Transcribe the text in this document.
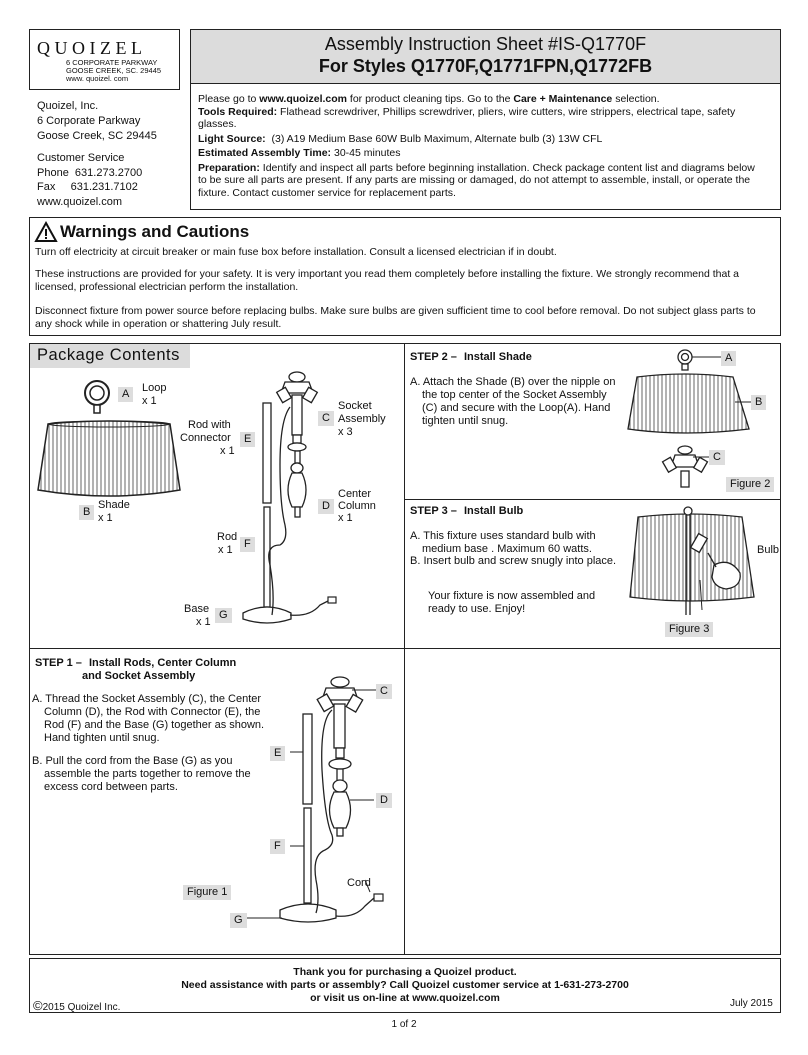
QUOIZEL
6 CORPORATE PARKWAY
GOOSE CREEK, SC. 29445
www. quoizel. com
Quoizel, Inc.
6 Corporate Parkway
Goose Creek, SC 29445
Customer Service
Phone  631.273.2700
Fax     631.231.7102
www.quoizel.com
Assembly Instruction Sheet #IS-Q1770F
For Styles Q1770F,Q1771FPN,Q1772FB
Please go to www.quoizel.com for product cleaning tips. Go to the Care + Maintenance selection.
Tools Required: Flathead screwdriver, Phillips screwdriver, pliers, wire cutters, wire strippers, electrical tape, safety glasses.
Light Source:  (3) A19 Medium Base 60W Bulb Maximum, Alternate bulb (3) 13W CFL
Estimated Assembly Time: 30-45 minutes
Preparation: Identify and inspect all parts before beginning installation. Check package content list and diagrams below to be sure all parts are present. If any parts are missing or damaged, do not attempt to assemble, install, or operate the fixture. Contact customer service for replacement parts.
Warnings and Cautions
Turn off electricity at circuit breaker or main fuse box before installation. Consult a licensed electrician if in doubt.
These instructions are provided for your safety. It is very important you read them completely before installing the fixture. We strongly recommend that a licensed, professional electrician perform the installation.
Disconnect fixture from power source before replacing bulbs. Make sure bulbs are given sufficient time to cool before removal. Do not subject glass parts to any shock while in operation or shattering July result.
Package Contents
A	Loop
x 1
B
Shade
x 1
C
Socket
Assembly
x 3
Rod with
Connector	E
x 1
D
Center
Column
x 1
Rod
F
x 1
Base G
x 1
STEP 2 – Install Shade
A. Attach the Shade (B) over the nipple on the top center of the Socket Assembly (C) and secure with the Loop(A). Hand tighten until snug.
A
B
C
Figure 2
STEP 3 – Install Bulb
A. This fixture uses standard bulb with medium base . Maximum 60 watts.
B. Insert bulb and screw snugly into place.
Your fixture is now assembled and ready to use. Enjoy!
Bulb
Figure 3
STEP 1 – Install Rods, Center Column
and Socket Assembly
A. Thread the Socket Assembly (C), the Center Column (D), the Rod with Connector (E), the Rod (F) and the Base (G) together as shown. Hand tighten until snug.
B. Pull the cord from the Base (G) as you assemble the parts together to remove the excess cord between parts.
C
E
D
F
Cord
Figure 1
G
Thank you for purchasing a Quoizel product.
Need assistance with parts or assembly? Call Quoizel customer service at 1-631-273-2700
or visit us on-line at www.quoizel.com
©2015 Quoizel Inc.	July 2015
1 of 2
